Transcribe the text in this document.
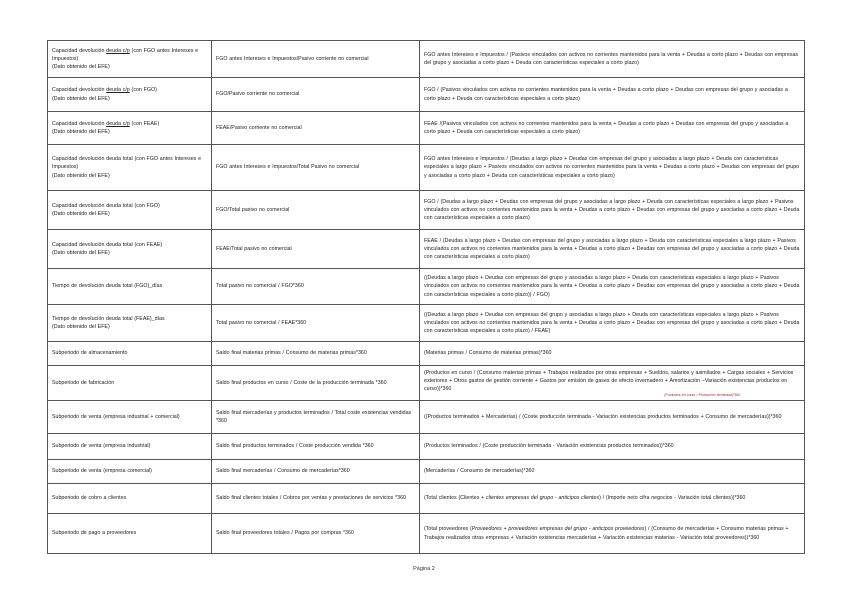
Capacidad devolución deuda c/p (con FGO antes Intereses e Impuestos)
(Dato obtenido del EFE)	FGO antes Intereses e Impuestos/Pasivo corriente no comercial	FGO antes Intereses e Impuestos / (Pasivos vinculados con activos no corrientes mantenidos para la venta + Deudas a corto plazo + Deudas con empresas del grupo y asociadas a corto plazo + Deuda con características especiales a corto plazo)
Capacidad devolución deuda c/p (con FGO)
(Dato obtenido del EFE)	FGO/Pasivo corriente no comercial	FGO / (Pasivos vinculados con activos no corrientes mantenidos para la venta + Deudas a corto plazo + Deudas con empresas del grupo y asociadas a corto plazo + Deuda con características especiales a corto plazo)
Capacidad devolución deuda c/p (con FEAE)
(Dato obtenido del EFE)	FEAE/Pasivo corriente no comercial	FEAE /(Pasivos vinculados con activos no corrientes mantenidos para la venta + Deudas a corto plazo + Deudas con empresas del grupo y asociadas a corto plazo + Deuda con características especiales a corto plazo)
Capacidad devolución deuda total (con FGO antes Intereses e Impuestos)
(Dato obtenido del EFE)	FGO antes Intereses e Impuestos/Total Pasivo no comercial	FGO antes Intereses e Impuestos / (Deudas a largo plazo + Deudas con empresas del grupo y asociadas a largo plazo + Deuda con características especiales a largo plazo + Pasivos vinculados con activos no corrientes mantenidos para la venta + Deudas a corto plazo + Deudas con empresas del grupo y asociadas a corto plazo + Deuda con características especiales a corto plazo)
Capacidad devolución deuda total (con FGO)
(Dato obtenido del EFE)	FGO/Total pasivo no comercial	FGO / (Deudas a largo plazo + Deudas con empresas del grupo y asociadas a largo plazo + Deuda con características especiales a largo plazo + Pasivos vinculados con activos no corrientes mantenidos para la venta + Deudas a corto plazo + Deudas con empresas del grupo y asociadas a corto plazo + Deuda con características especiales a corto plazo)
Capacidad devolución deuda total (con FEAE)
(Dato obtenido del EFE)	FEAE/Total pasivo no comercial	FEAE / (Deudas a largo plazo + Deudas con empresas del grupo y asociadas a largo plazo + Deuda con características especiales a largo plazo + Pasivos vinculados con activos no corrientes mantenidos para la venta + Deudas a corto plazo + Deudas con empresas del grupo y asociadas a corto plazo + Deuda con características especiales a corto plazo)
Tiempo de devolución deuda total (FGO)_días	Total pasivo no comercial / FGO*360	((Deudas a largo plazo + Deudas con empresas del grupo y asociadas a largo plazo + Deuda con características especiales a largo plazo + Pasivos vinculados con activos no corrientes mantenidos para la venta + Deudas a corto plazo + Deudas con empresas del grupo y asociadas a corto plazo + Deuda con características especiales a corto plazo)) / FGO)
Tiempo de devolución deuda total (FEAE)_días
(Dato obtenido del EFE)	Total pasivo no comercial / FEAE*360	((Deudas a largo plazo + Deudas con empresas del grupo y asociadas a largo plazo + Deuda con características especiales a largo plazo + Pasivos vinculados con activos no corrientes mantenidos para la venta + Deudas a corto plazo + Deudas con empresas del grupo y asociadas a corto plazo + Deuda con características especiales a corto plazo) / FEAE)
Subperiodo de almacenamiento	Saldo final materias primas / Consumo de materias primas*360	(Materias primas / Consumo de materias primas)*360
Subperiodo de fabricación	Saldo final productos en curso / Coste de la producción terminada *360	(Productos en curso / (Consumo materias primas + Trabajos realizados por otras empresas + Sueldos, salarios y asimilados + Cargas sociales + Servicios exteriores + Otros gastos de gestión corriente + Gastos por emisión de gases de efecto invernadero + Amortización –Variación existencias productos en curso))*360
(Productos en curso / Producción terminada)*360

Subperiodo de venta (empresa industrial + comercial)	Saldo final mercaderías y productos terminados / Total coste existencias vendidas *360	((Productos terminados + Mercaderías) / (Coste producción terminada - Variación existencias productos terminados + Consumo de mercaderías))*360
Subperiodo de venta (empresa industrial)	Saldo final productos terminados / Coste producción vendida *360	(Productos terminados / (Coste producción terminada - Variación existencias productos terminados))*360
Subperiodo de venta (empresa comercial)	Saldo final mercaderías / Consumo de mercaderías*360	(Mercaderías / Consumo de mercaderías)*360
Subperiodo de cobro a clientes	Saldo final clientes totales / Cobros por ventas y prestaciones de servicios *360	(Total clientes (Clientes + clientes empresas del grupo - anticipos clientes) / (Importe neto cifra negocios - Variación total clientes))*360
Subperiodo de pago a proveedores	Saldo final proveedores totales / Pagos por compras *360	(Total proveedores (Proveedores + proveedores empresas del grupo - anticipos proveedores) / (Consumo de mercaderías + Consumo materias primas + Trabajos realizados otras empresas + Variación existencias mercaderías + Variación existencias materias - Variación total proveedores))*360
Página 2
